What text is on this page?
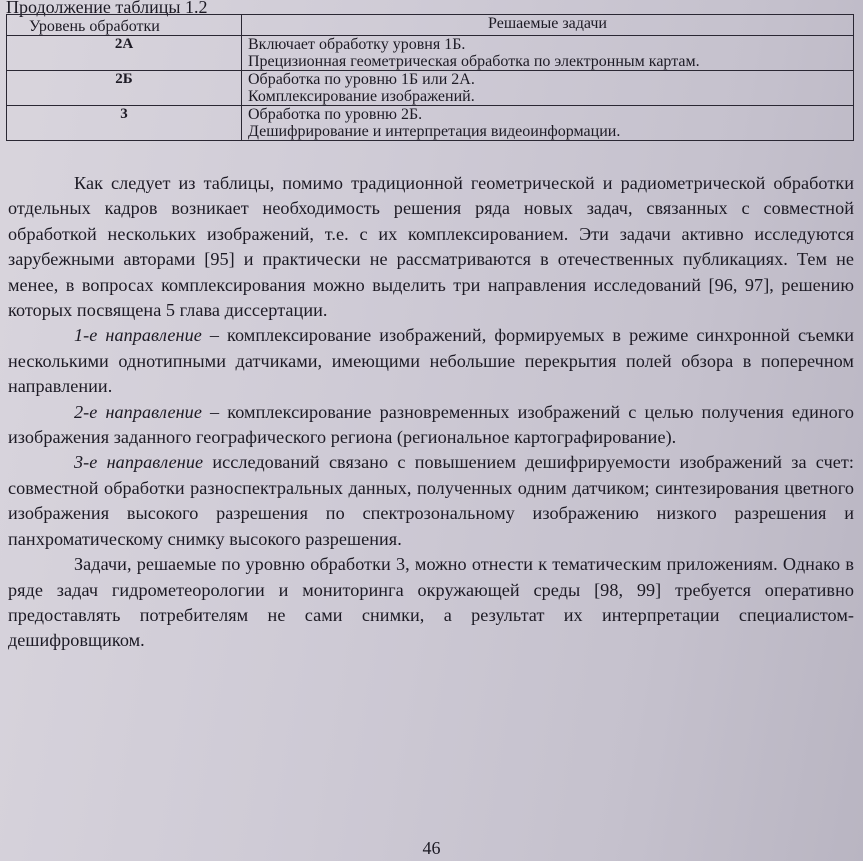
Продолжение таблицы 1.2
Уровень обработки	Решаемые задачи
2А	Включает обработку уровня 1Б.
Прецизионная геометрическая обработка по электронным картам.

2Б	Обработка по уровню 1Б или 2А.
Комплексирование изображений.

3	Обработка по уровню 2Б.
Дешифрирование и интерпретация видеоинформации.

Как следует из таблицы, помимо традиционной геометрической и радиометрической обработки отдельных кадров возникает необходимость решения ряда новых задач, связанных с совместной обработкой нескольких изображений, т.е. с их комплексированием. Эти задачи активно исследуются зарубежными авторами [95] и практически не рассматриваются в отечественных публикациях. Тем не менее, в вопросах комплексирования можно выделить три направления исследований [96, 97], решению которых посвящена 5 глава диссертации.

1-е направление – комплексирование изображений, формируемых в режиме синхронной съемки несколькими однотипными датчиками, имеющими небольшие перекрытия полей обзора в поперечном направлении.

2-е направление – комплексирование разновременных изображений с целью получения единого изображения заданного географического региона (региональное картографирование).

3-е направление исследований связано с повышением дешифрируемости изображений за счет: совместной обработки разноспектральных данных, полученных одним датчиком; синтезирования цветного изображения высокого разрешения по спектрозональному изображению низкого разрешения и панхроматическому снимку высокого разрешения.

Задачи, решаемые по уровню обработки 3, можно отнести к тематическим приложениям. Однако в ряде задач гидрометеорологии и мониторинга окружающей среды [98, 99] требуется оперативно предоставлять потребителям не сами снимки, а результат их интерпретации специалистом-дешифровщиком.

46
